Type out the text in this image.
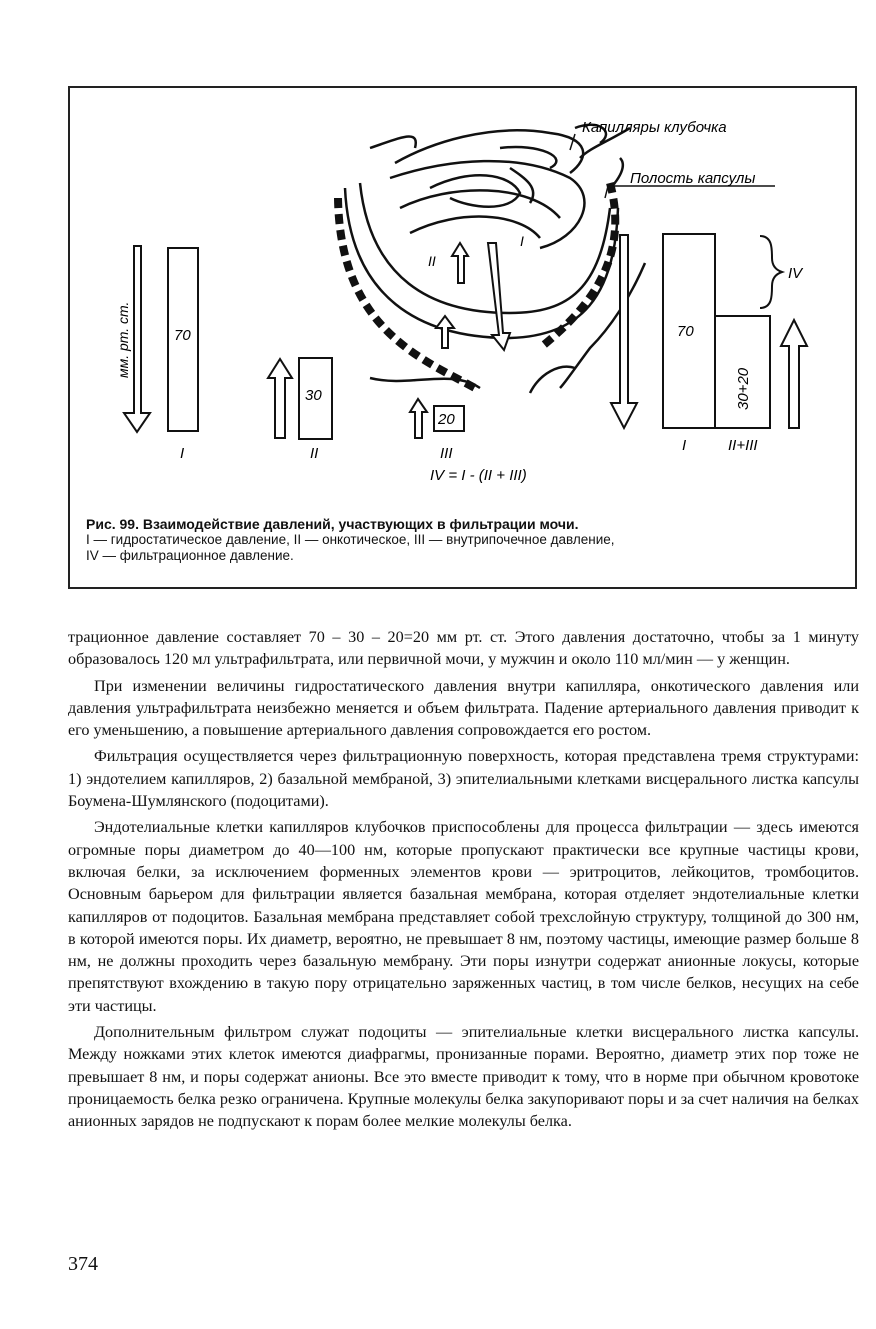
мм. рт. ст.	70
I
30
II
20
III
IV = I - (II + III)
II
I
Капилляры клубочка
Полость капсулы
70
30+20
IV
I	II+III
Рис. 99. Взаимодействие давлений, участвующих в фильтрации мочи.
I — гидростатическое давление, II — онкотическое, III — внутрипочечное давление,
IV — фильтрационное давление.

трационное давление составляет 70 – 30 – 20=20 мм рт. ст. Этого давления достаточно, чтобы за 1 минуту образовалось 120 мл ультрафильтрата, или первичной мочи, у мужчин и около 110 мл/мин — у женщин.

При изменении величины гидростатического давления внутри капилляра, онкотического давления или давления ультрафильтрата неизбежно меняется и объем фильтрата. Падение артериального давления приводит к его уменьшению, а повышение артериального давления сопровождается его ростом.

Фильтрация осуществляется через фильтрационную поверхность, которая представлена тремя структурами: 1) эндотелием капилляров, 2) базальной мембраной, 3) эпителиальными клетками висцерального листка капсулы Боумена-Шумлянского (подоцитами).

Эндотелиальные клетки капилляров клубочков приспособлены для процесса фильтрации — здесь имеются огромные поры диаметром до 40—100 нм, которые пропускают практически все крупные частицы крови, включая белки, за исключением форменных элементов крови — эритроцитов, лейкоцитов, тромбоцитов. Основным барьером для фильтрации является базальная мембрана, которая отделяет эндотелиальные клетки капилляров от подоцитов. Базальная мембрана представляет собой трехслойную структуру, толщиной до 300 нм, в которой имеются поры. Их диаметр, вероятно, не превышает 8 нм, поэтому частицы, имеющие размер больше 8 нм, не должны проходить через базальную мембрану. Эти поры изнутри содержат анионные локусы, которые препятствуют вхождению в такую пору отрицательно заряженных частиц, в том числе белков, несущих на себе эти частицы.

Дополнительным фильтром служат подоциты — эпителиальные клетки висцерального листка капсулы. Между ножками этих клеток имеются диафрагмы, пронизанные порами. Вероятно, диаметр этих пор тоже не превышает 8 нм, и поры содержат анионы. Все это вместе приводит к тому, что в норме при обычном кровотоке проницаемость белка резко ограничена. Крупные молекулы белка закупоривают поры и за счет наличия на белках анионных зарядов не подпускают к порам более мелкие молекулы белка.

374
